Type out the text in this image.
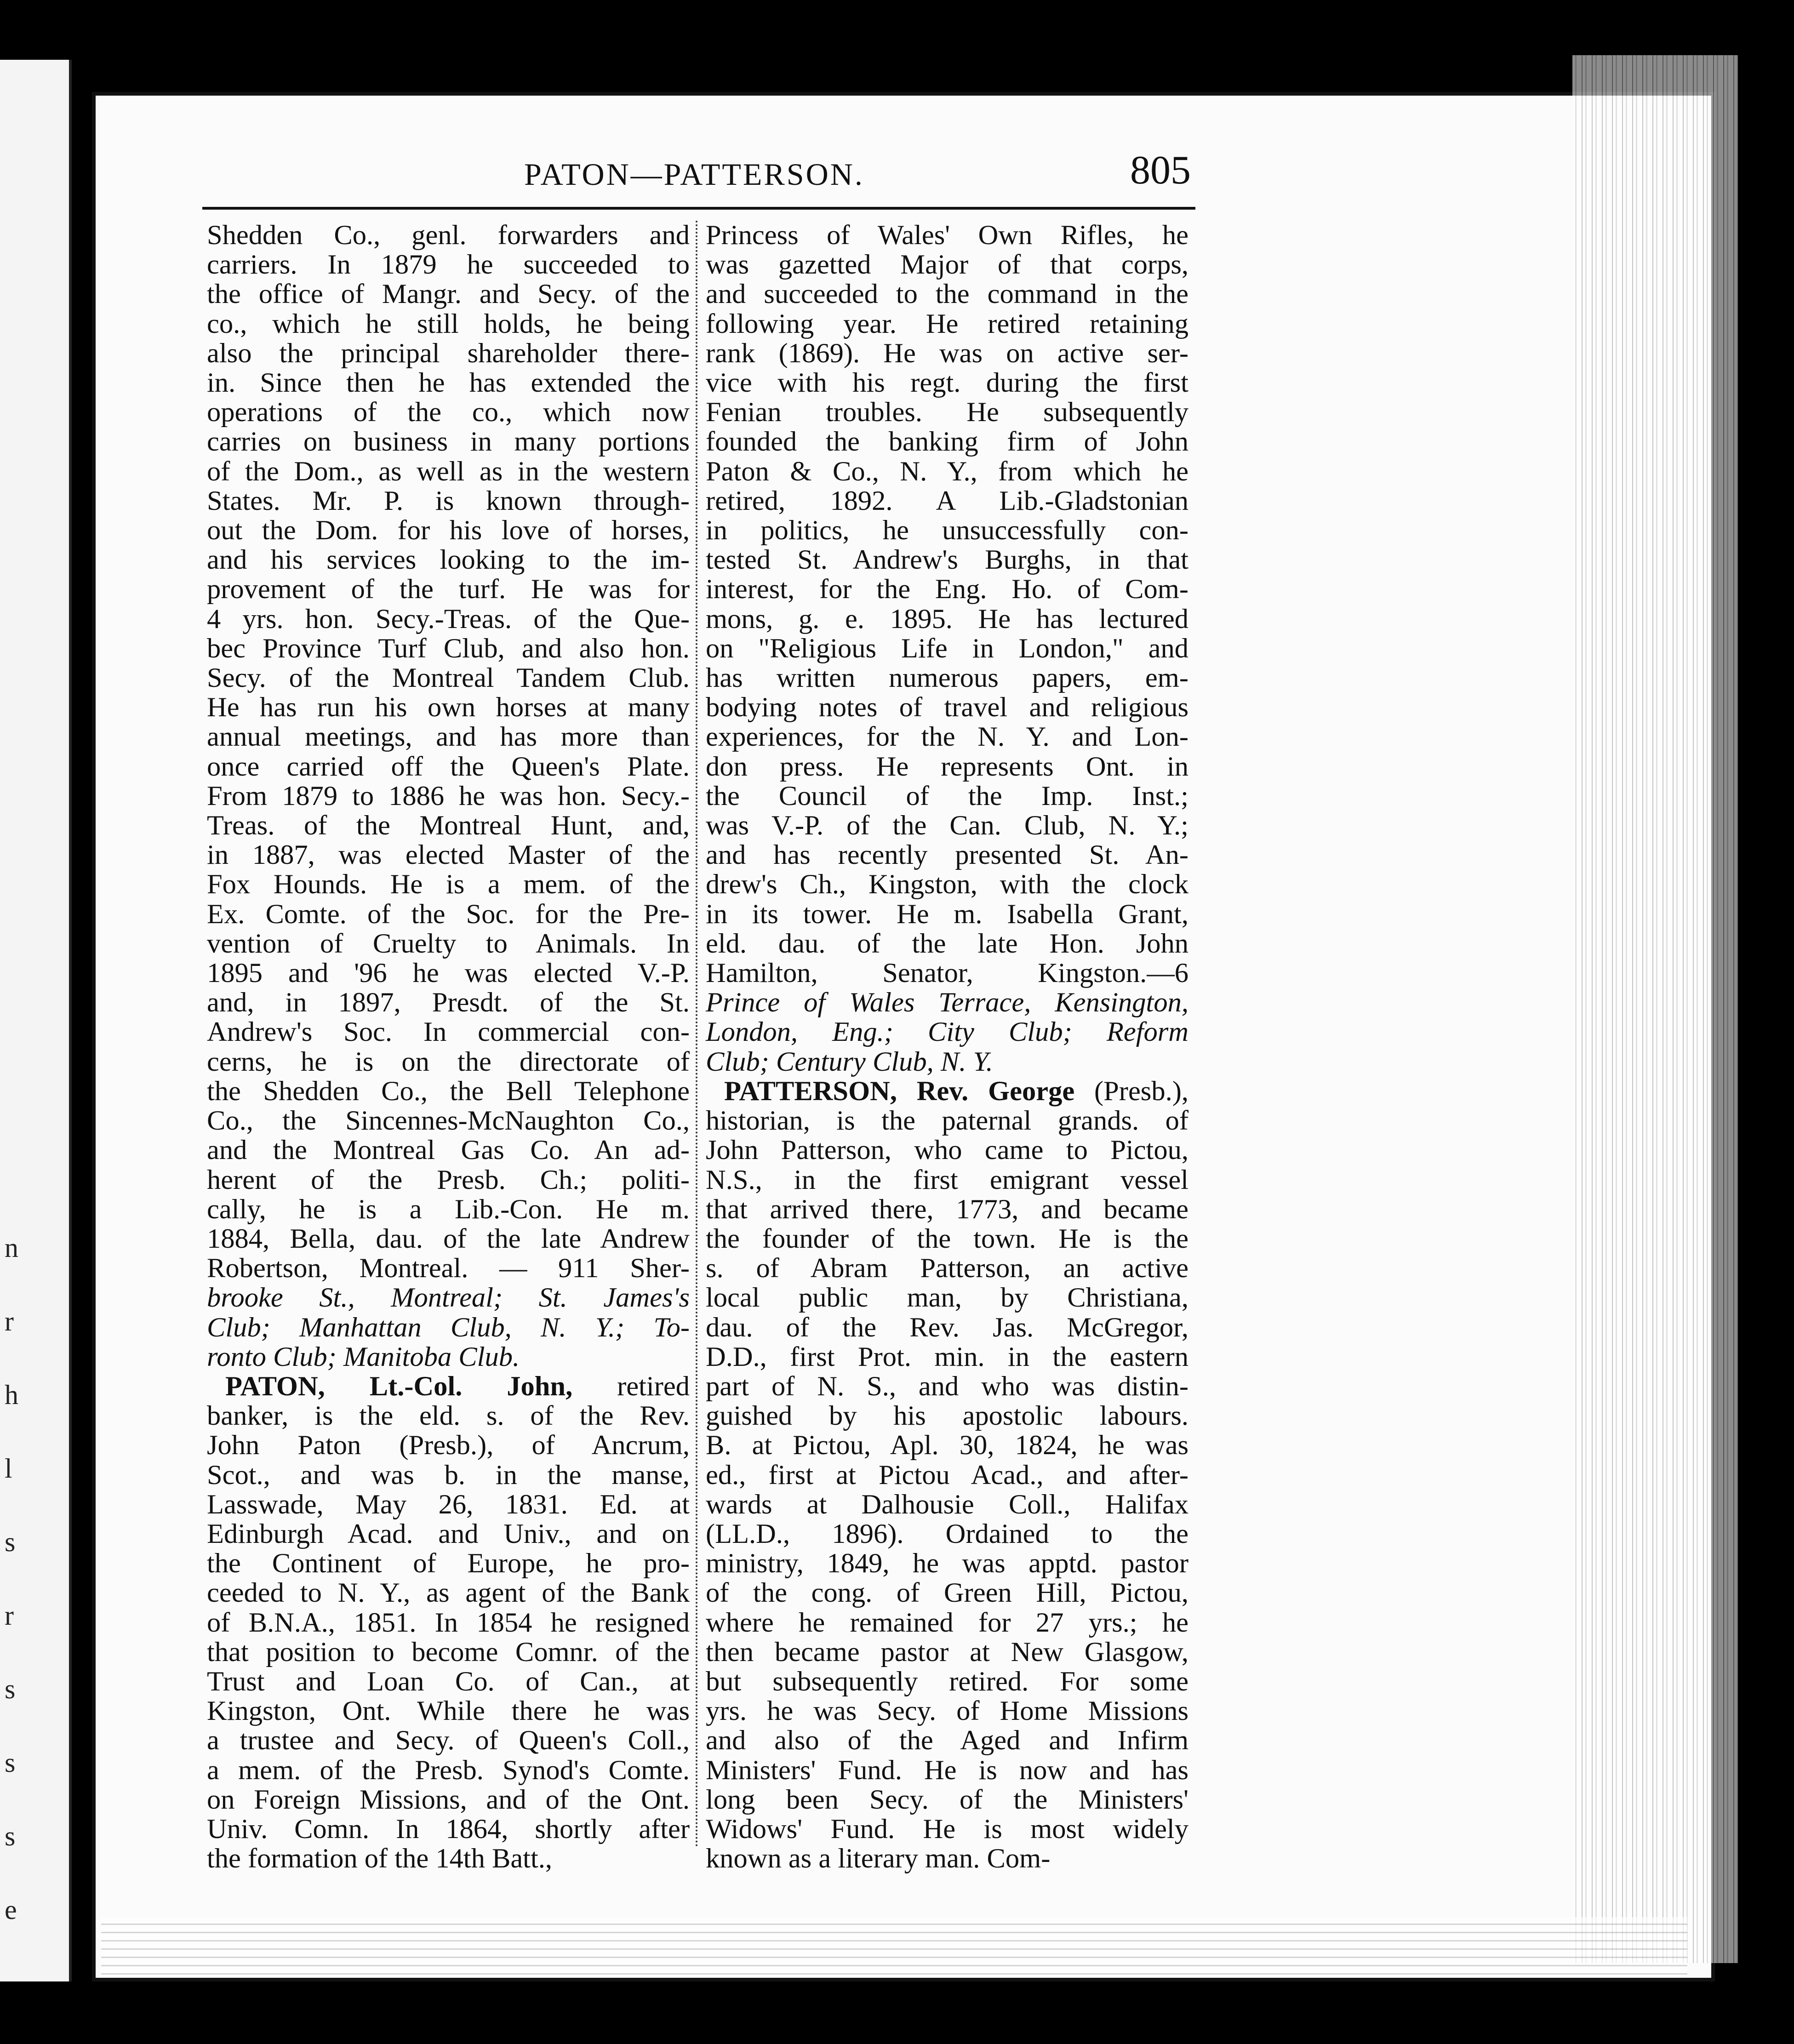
n
r
h
l
s
r
s
s
s
e
PATON—PATTERSON.	805
Shedden Co., genl. forwarders and
carriers. In 1879 he succeeded to
the office of Mangr. and Secy. of the
co., which he still holds, he being
also the principal shareholder there-
in. Since then he has extended the
operations of the co., which now
carries on business in many portions
of the Dom., as well as in the western
States. Mr. P. is known through-
out the Dom. for his love of horses,
and his services looking to the im-
provement of the turf. He was for
4 yrs. hon. Secy.-Treas. of the Que-
bec Province Turf Club, and also hon.
Secy. of the Montreal Tandem Club.
He has run his own horses at many
annual meetings, and has more than
once carried off the Queen's Plate.
From 1879 to 1886 he was hon. Secy.-
Treas. of the Montreal Hunt, and,
in 1887, was elected Master of the
Fox Hounds. He is a mem. of the
Ex. Comte. of the Soc. for the Pre-
vention of Cruelty to Animals. In
1895 and '96 he was elected V.-P.
and, in 1897, Presdt. of the St.
Andrew's Soc. In commercial con-
cerns, he is on the directorate of
the Shedden Co., the Bell Telephone
Co., the Sincennes-McNaughton Co.,
and the Montreal Gas Co. An ad-
herent of the Presb. Ch.; politi-
cally, he is a Lib.-Con. He m.
1884, Bella, dau. of the late Andrew
Robertson, Montreal. — 911 Sher-
brooke St., Montreal; St. James's
Club; Manhattan Club, N. Y.; To-
ronto Club; Manitoba Club.
PATON, Lt.-Col. John, retired
banker, is the eld. s. of the Rev.
John Paton (Presb.), of Ancrum,
Scot., and was b. in the manse,
Lasswade, May 26, 1831. Ed. at
Edinburgh Acad. and Univ., and on
the Continent of Europe, he pro-
ceeded to N. Y., as agent of the Bank
of B.N.A., 1851. In 1854 he resigned
that position to become Comnr. of the
Trust and Loan Co. of Can., at
Kingston, Ont. While there he was
a trustee and Secy. of Queen's Coll.,
a mem. of the Presb. Synod's Comte.
on Foreign Missions, and of the Ont.
Univ. Comn. In 1864, shortly after
the formation of the 14th Batt.,
Princess of Wales' Own Rifles, he
was gazetted Major of that corps,
and succeeded to the command in the
following year. He retired retaining
rank (1869). He was on active ser-
vice with his regt. during the first
Fenian troubles. He subsequently
founded the banking firm of John
Paton & Co., N. Y., from which he
retired, 1892. A Lib.-Gladstonian
in politics, he unsuccessfully con-
tested St. Andrew's Burghs, in that
interest, for the Eng. Ho. of Com-
mons, g. e. 1895. He has lectured
on "Religious Life in London," and
has written numerous papers, em-
bodying notes of travel and religious
experiences, for the N. Y. and Lon-
don press. He represents Ont. in
the Council of the Imp. Inst.;
was V.-P. of the Can. Club, N. Y.;
and has recently presented St. An-
drew's Ch., Kingston, with the clock
in its tower. He m. Isabella Grant,
eld. dau. of the late Hon. John
Hamilton, Senator, Kingston.—6
Prince of Wales Terrace, Kensington,
London, Eng.; City Club; Reform
Club; Century Club, N. Y.
PATTERSON, Rev. George (Presb.),
historian, is the paternal grands. of
John Patterson, who came to Pictou,
N.S., in the first emigrant vessel
that arrived there, 1773, and became
the founder of the town. He is the
s. of Abram Patterson, an active
local public man, by Christiana,
dau. of the Rev. Jas. McGregor,
D.D., first Prot. min. in the eastern
part of N. S., and who was distin-
guished by his apostolic labours.
B. at Pictou, Apl. 30, 1824, he was
ed., first at Pictou Acad., and after-
wards at Dalhousie Coll., Halifax
(LL.D., 1896). Ordained to the
ministry, 1849, he was apptd. pastor
of the cong. of Green Hill, Pictou,
where he remained for 27 yrs.; he
then became pastor at New Glasgow,
but subsequently retired. For some
yrs. he was Secy. of Home Missions
and also of the Aged and Infirm
Ministers' Fund. He is now and has
long been Secy. of the Ministers'
Widows' Fund. He is most widely
known as a literary man. Com-
